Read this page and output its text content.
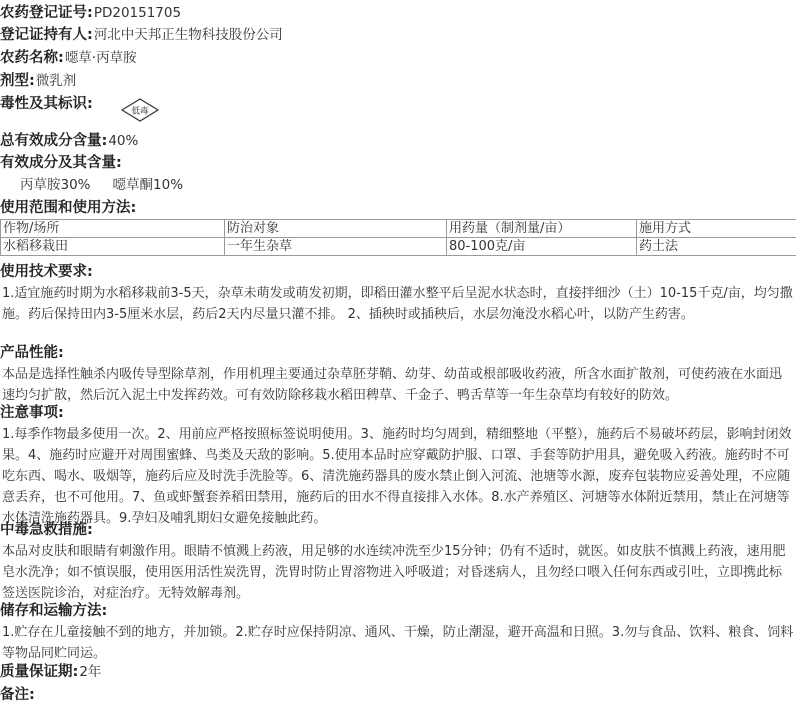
农药登记证号:PD20151705
登记证持有人:河北中天邦正生物科技股份公司
农药名称:噁草·丙草胺
剂型:微乳剂
毒性及其标识:	低毒
总有效成分含量:40%
有效成分及其含量:
丙草胺30% 噁草酮10%
使用范围和使用方法:
作物/场所	防治对象	用药量（制剂量/亩）	施用方式
水稻移栽田	一年生杂草	80-100克/亩	药土法
使用技术要求:
1.适宜施药时期为水稻移栽前3-5天，杂草未萌发或萌发初期，即稻田灌水整平后呈泥水状态时，直接拌细沙（土）10-15千克/亩，均匀撒施。药后保持田内3-5厘米水层，药后2天内尽量只灌不排。 2、插秧时或插秧后，水层勿淹没水稻心叶，以防产生药害。
产品性能:
本品是选择性触杀内吸传导型除草剂，作用机理主要通过杂草胚芽鞘、幼芽、幼苗或根部吸收药液，所含水面扩散剂，可使药液在水面迅速均匀扩散，然后沉入泥土中发挥药效。可有效防除移栽水稻田稗草、千金子、鸭舌草等一年生杂草均有较好的防效。
注意事项:
1.每季作物最多使用一次。2、用前应严格按照标签说明使用。3、施药时均匀周到，精细整地（平整），施药后不易破坏药层，影响封闭效果。4、施药时应避开对周围蜜蜂、鸟类及天敌的影响。5.使用本品时应穿戴防护服、口罩、手套等防护用具，避免吸入药液。施药时不可吃东西、喝水、吸烟等，施药后应及时洗手洗脸等。6、清洗施药器具的废水禁止倒入河流、池塘等水源，废弃包装物应妥善处理，不应随意丢弃，也不可他用。7、鱼或虾蟹套养稻田禁用，施药后的田水不得直接排入水体。8.水产养殖区、河塘等水体附近禁用，禁止在河塘等水体清洗施药器具。9.孕妇及哺乳期妇女避免接触此药。
中毒急救措施:
本品对皮肤和眼睛有刺激作用。眼睛不慎溅上药液，用足够的水连续冲洗至少15分钟；仍有不适时，就医。如皮肤不慎溅上药液，速用肥皂水洗净；如不慎误服，使用医用活性炭洗胃，洗胃时防止胃溶物进入呼吸道；对昏迷病人，且勿经口喂入任何东西或引吐，立即携此标签送医院诊治，对症治疗。无特效解毒剂。
储存和运输方法:
1.贮存在儿童接触不到的地方，并加锁。2.贮存时应保持阴凉、通风、干燥，防止潮湿，避开高温和日照。3.勿与食品、饮料、粮食、饲料等物品同贮同运。
质量保证期:2年
备注:
